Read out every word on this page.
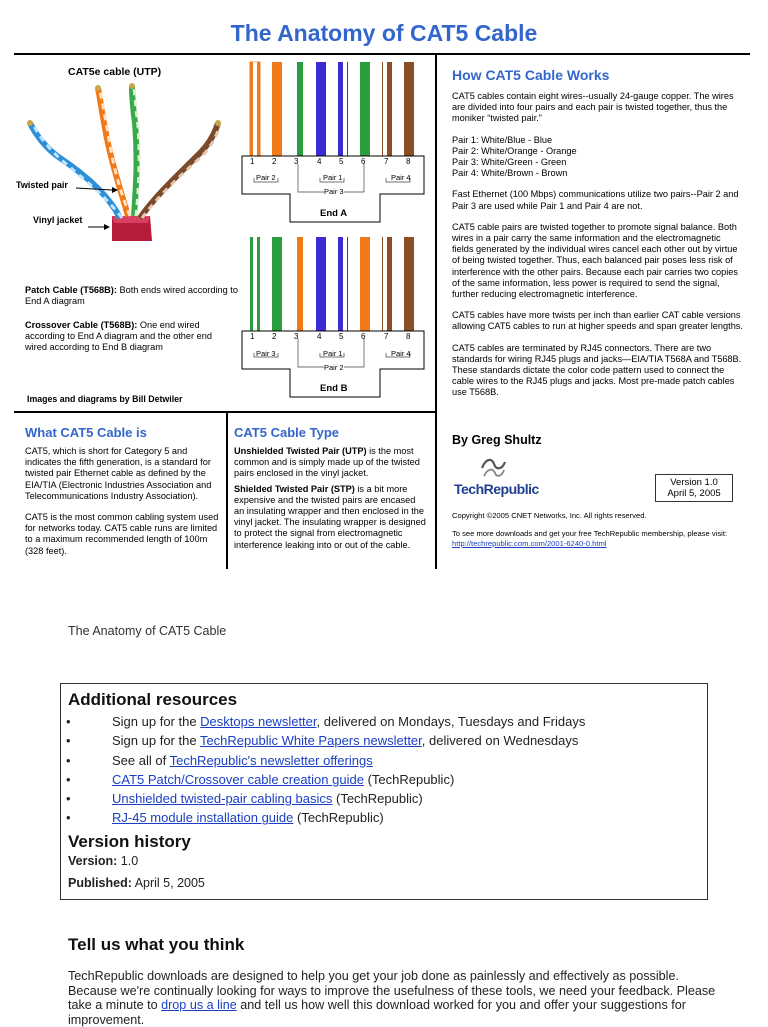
The Anatomy of CAT5 Cable
CAT5e cable (UTP)
Twisted pair
Vinyl jacket
1 2 3 4 5 6 7 8
Pair 2	Pair 1	Pair 4
Pair 3
End A
1 2 3 4 5 6 7 8
Pair 3	Pair 1	Pair 4
Pair 2
End B
Patch Cable (T568B): Both ends wired according to End A diagram
Crossover Cable (T568B): One end wired according to End A diagram and the other end wired according to End B diagram
Images and diagrams by Bill Detwiler
What CAT5 Cable is

CAT5, which is short for Category 5 and indicates the fifth generation, is a standard for twisted pair Ethernet cable as defined by the EIA/TIA (Electronic Industries Association and Telecommunications Industry Association).

CAT5 is the most common cabling system used for networks today. CAT5 cable runs are limited to a maximum recommended length of 100m (328 feet).

CAT5 Cable Type

Unshielded Twisted Pair (UTP) is the most common and is simply made up of the twisted pairs enclosed in the vinyl jacket.

Shielded Twisted Pair (STP) is a bit more expensive and the twisted pairs are encased an insulating wrapper and then enclosed in the vinyl jacket. The insulating wrapper is designed to protect the signal from electromagnetic interference leaking into or out of the cable.

How CAT5 Cable Works

CAT5 cables contain eight wires--usually 24-gauge copper. The wires are divided into four pairs and each pair is twisted together, thus the moniker “twisted pair.”

Pair 1: White/Blue - Blue

Pair 2: White/Orange - Orange

Pair 3: White/Green - Green

Pair 4: White/Brown - Brown

Fast Ethernet (100 Mbps) communications utilize two pairs--Pair 2 and Pair 3 are used while Pair 1 and Pair 4 are not.

CAT5 cable pairs are twisted together to promote signal balance. Both wires in a pair carry the same information and the electromagnetic fields generated by the individual wires cancel each other out by virtue of being twisted together. Thus, each balanced pair poses less risk of interference with the other pairs. Because each pair carries two copies of the same information, less power is required to send the signal, further reducing electromagnetic interference.

CAT5 cables have more twists per inch than earlier CAT cable versions allowing CAT5 cables to run at higher speeds and span greater lengths.

CAT5 cables are terminated by RJ45 connectors. There are two standards for wiring RJ45 plugs and jacks—EIA/TIA T568A and T568B. These standards dictate the color code pattern used to connect the cable wires to the RJ45 plugs and jacks. Most pre-made patch cables use T568B.

By Greg Shultz
TechRepublic	Version 1.0
April 5, 2005
Copyright ©2005 CNET Networks, Inc. All rights reserved.
To see more downloads and get your free TechRepublic membership, please visit:
http://techrepublic.com.com/2001-6240-0.html
The Anatomy of CAT5 Cable
Additional resources
•	Sign up for the Desktops newsletter, delivered on Mondays, Tuesdays and Fridays
•	Sign up for the TechRepublic White Papers newsletter, delivered on Wednesdays
•	See all of TechRepublic's newsletter offerings
•	CAT5 Patch/Crossover cable creation guide (TechRepublic)
•	Unshielded twisted-pair cabling basics (TechRepublic)
•	RJ-45 module installation guide (TechRepublic)
Version history
Version: 1.0
Published: April 5, 2005
Tell us what you think
TechRepublic downloads are designed to help you get your job done as painlessly and effectively as possible. Because we're continually looking for ways to improve the usefulness of these tools, we need your feedback. Please take a minute to drop us a line and tell us how well this download worked for you and offer your suggestions for improvement.
